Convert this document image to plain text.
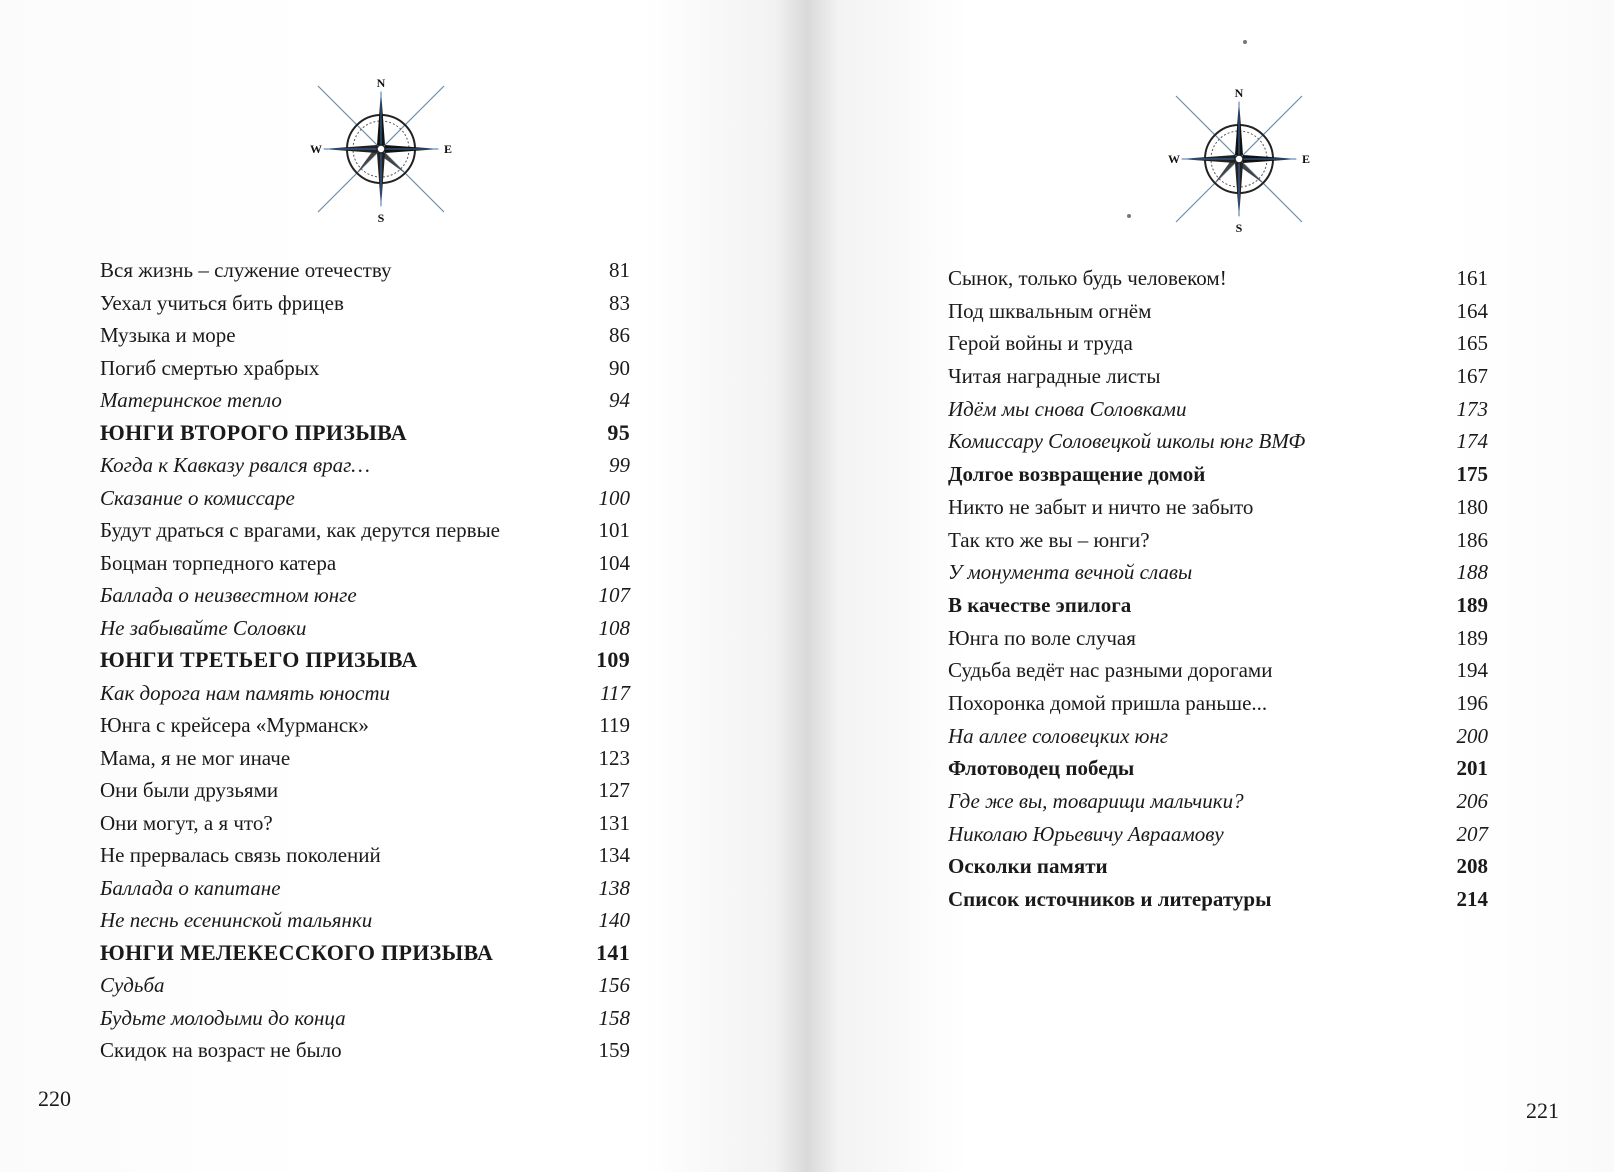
N
S
W	E
N
S
W	E
Вся жизнь – служение отечеству	81
Уехал учиться бить фрицев	83
Музыка и море	86
Погиб смертью храбрых	90
Материнское тепло	94
ЮНГИ ВТОРОГО ПРИЗЫВА	95
Когда к Кавказу рвался враг…	99
Сказание о комиссаре	100
Будут драться с врагами, как дерутся первые	101
Боцман торпедного катера	104
Баллада о неизвестном юнге	107
Не забывайте Соловки	108
ЮНГИ ТРЕТЬЕГО ПРИЗЫВА	109
Как дорога нам память юности	117
Юнга с крейсера «Мурманск»	119
Мама, я не мог иначе	123
Они были друзьями	127
Они могут, а я что?	131
Не прервалась связь поколений	134
Баллада о капитане	138
Не песнь есенинской тальянки	140
ЮНГИ МЕЛЕКЕССКОГО ПРИЗЫВА	141
Судьба	156
Будьте молодыми до конца	158
Скидок на возраст не было	159
Сынок, только будь человеком!	161
Под шквальным огнём	164
Герой войны и труда	165
Читая наградные листы	167
Идём мы снова Соловками	173
Комиссару Соловецкой школы юнг ВМФ	174
Долгое возвращение домой	175
Никто не забыт и ничто не забыто	180
Так кто же вы – юнги?	186
У монумента вечной славы	188
В качестве эпилога	189
Юнга по воле случая	189
Судьба ведёт нас разными дорогами	194
Похоронка домой пришла раньше...	196
На аллее соловецких юнг	200
Флотоводец победы	201
Где же вы, товарищи мальчики?	206
Николаю Юрьевичу Авраамову	207
Осколки памяти	208
Список источников и литературы	214
220	221
